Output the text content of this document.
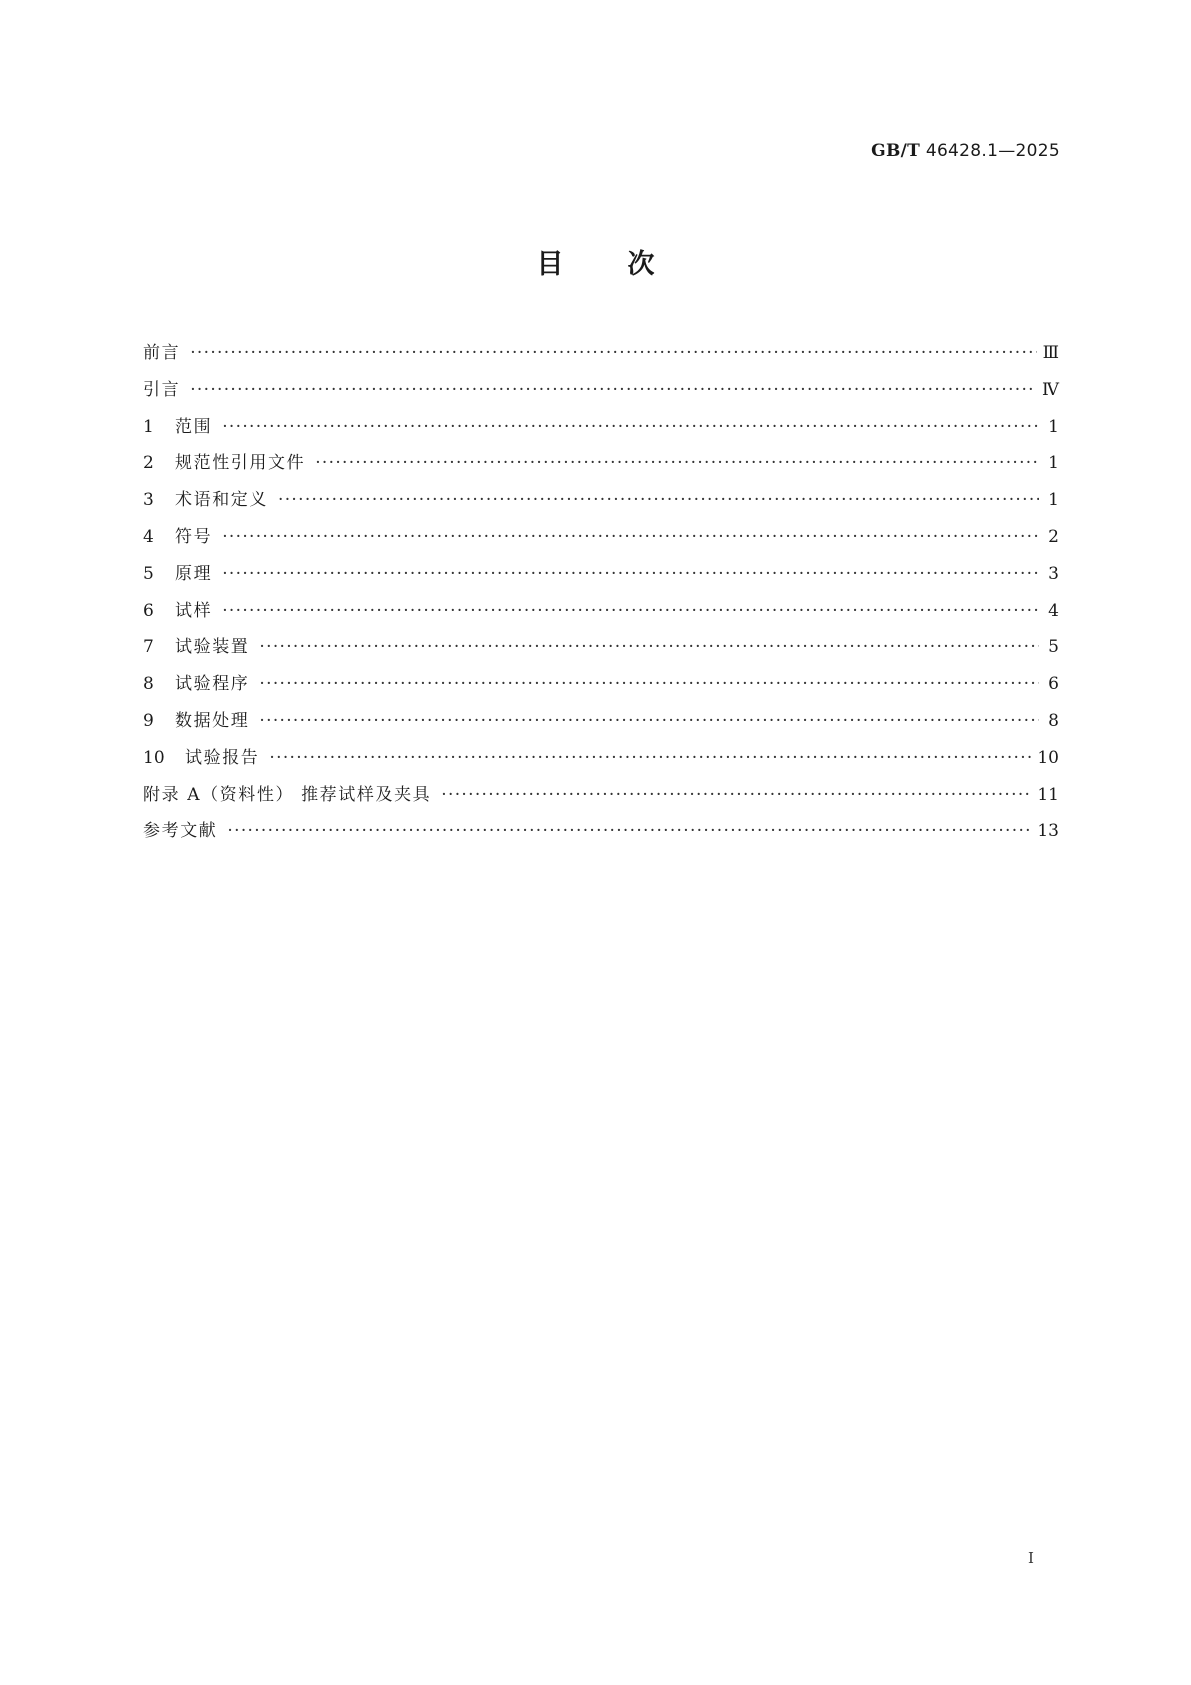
GB/T 46428.1—2025
目次
前言 ·····	Ⅲ
引言 ·····	Ⅳ
1	范围 ·····	1
2	规范性引用文件 ·····	1
3	术语和定义 ·····	1
4	符号 ·····	2
5	原理 ·····	3
6	试样 ·····	4
7	试验装置 ·····	5
8	试验程序 ·····	6
9	数据处理 ·····	8
10	试验报告 ·····	10
附录 A（资料性） 推荐试样及夹具 ·····	11
参考文献 ·····	13
Ⅰ
